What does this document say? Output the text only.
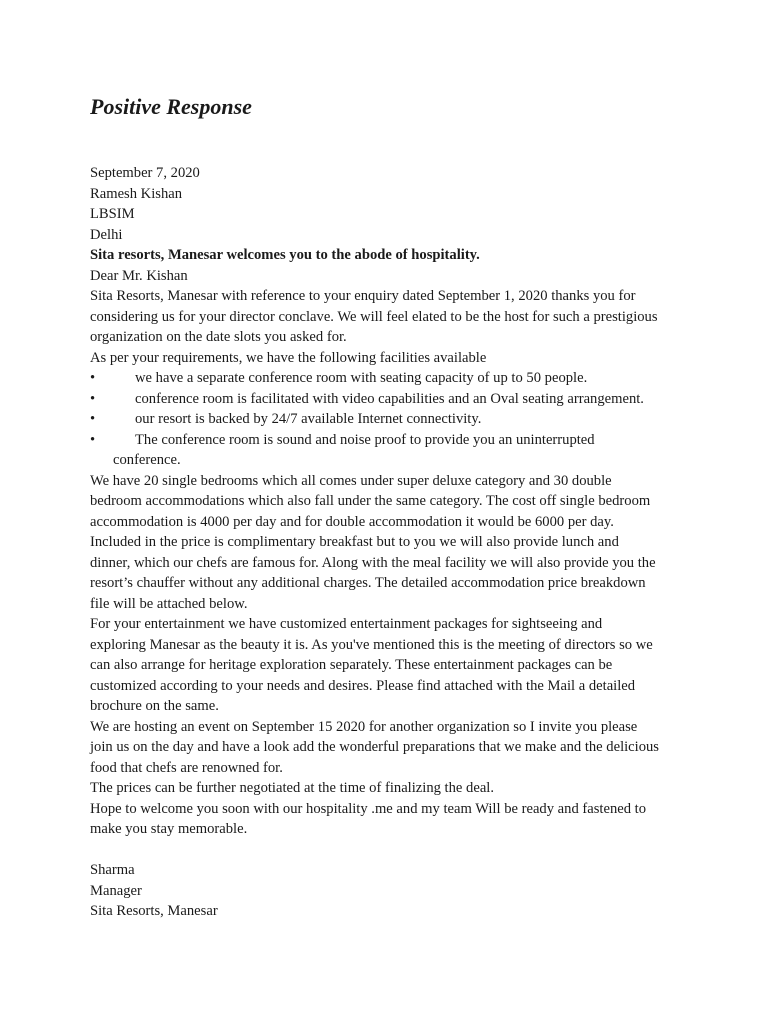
Positive Response
September 7, 2020
Ramesh Kishan
LBSIM
Delhi
Sita resorts, Manesar welcomes you to the abode of hospitality.
Dear Mr. Kishan
Sita Resorts, Manesar with reference to your enquiry dated September 1, 2020 thanks you for
considering us for your director conclave. We will feel elated to be the host for such a prestigious
organization on the date slots you asked for.
As per your requirements, we have the following facilities available
•	we have a separate conference room with seating capacity of up to 50 people.
•	conference room is facilitated with video capabilities and an Oval seating arrangement.
•	our resort is backed by 24/7 available Internet connectivity.
•	The conference room is sound and noise proof to provide you an uninterrupted
conference.
We have 20 single bedrooms which all comes under super deluxe category and 30 double
bedroom accommodations which also fall under the same category. The cost off single bedroom
accommodation is 4000 per day and for double accommodation it would be 6000 per day.
Included in the price is complimentary breakfast but to you we will also provide lunch and
dinner, which our chefs are famous for. Along with the meal facility we will also provide you the
resort’s chauffer without any additional charges. The detailed accommodation price breakdown
file will be attached below.
For your entertainment we have customized entertainment packages for sightseeing and
exploring Manesar as the beauty it is. As you've mentioned this is the meeting of directors so we
can also arrange for heritage exploration separately. These entertainment packages can be
customized according to your needs and desires. Please find attached with the Mail a detailed
brochure on the same.
We are hosting an event on September 15 2020 for another organization so I invite you please
join us on the day and have a look add the wonderful preparations that we make and the delicious
food that chefs are renowned for.
The prices can be further negotiated at the time of finalizing the deal.
Hope to welcome you soon with our hospitality .me and my team Will be ready and fastened to
make you stay memorable.
Sharma
Manager
Sita Resorts, Manesar
